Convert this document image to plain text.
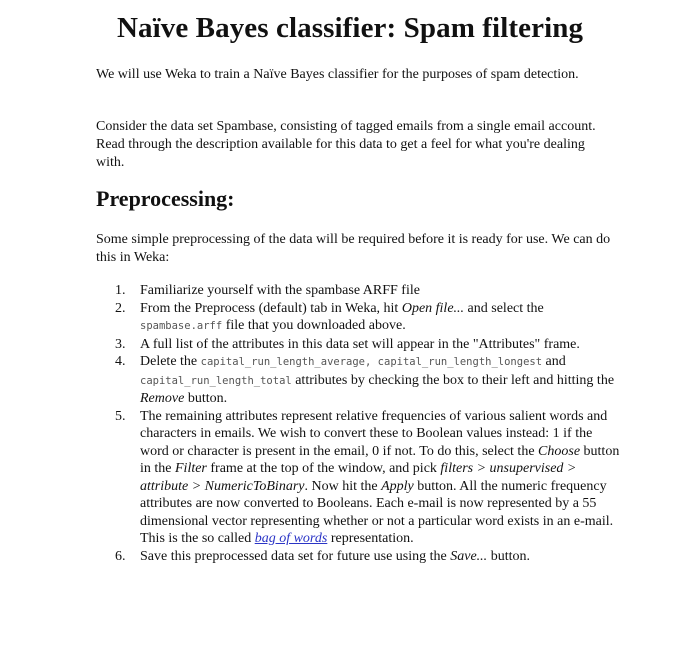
Naïve Bayes classifier: Spam filtering

We will use Weka to train a Naïve Bayes classifier for the purposes of spam detection.

Consider the data set Spambase, consisting of tagged emails from a single email account. Read through the description available for this data to get a feel for what you're dealing with.

Preprocessing:

Some simple preprocessing of the data will be required before it is ready for use. We can do this in Weka:

1. Familiarize yourself with the spambase ARFF file
2. From the Preprocess (default) tab in Weka, hit Open file... and select the spambase.arff file that you downloaded above.
3. A full list of the attributes in this data set will appear in the "Attributes" frame.
4. Delete the capital_run_length_average, capital_run_length_longest and capital_run_length_total attributes by checking the box to their left and hitting the Remove button.
5. The remaining attributes represent relative frequencies of various salient words and characters in emails. We wish to convert these to Boolean values instead: 1 if the word or character is present in the email, 0 if not. To do this, select the Choose button in the Filter frame at the top of the window, and pick filters > unsupervised > attribute > NumericToBinary. Now hit the Apply button. All the numeric frequency attributes are now converted to Booleans. Each e-mail is now represented by a 55 dimensional vector representing whether or not a particular word exists in an e-mail. This is the so called bag of words representation.
6. Save this preprocessed data set for future use using the Save... button.
